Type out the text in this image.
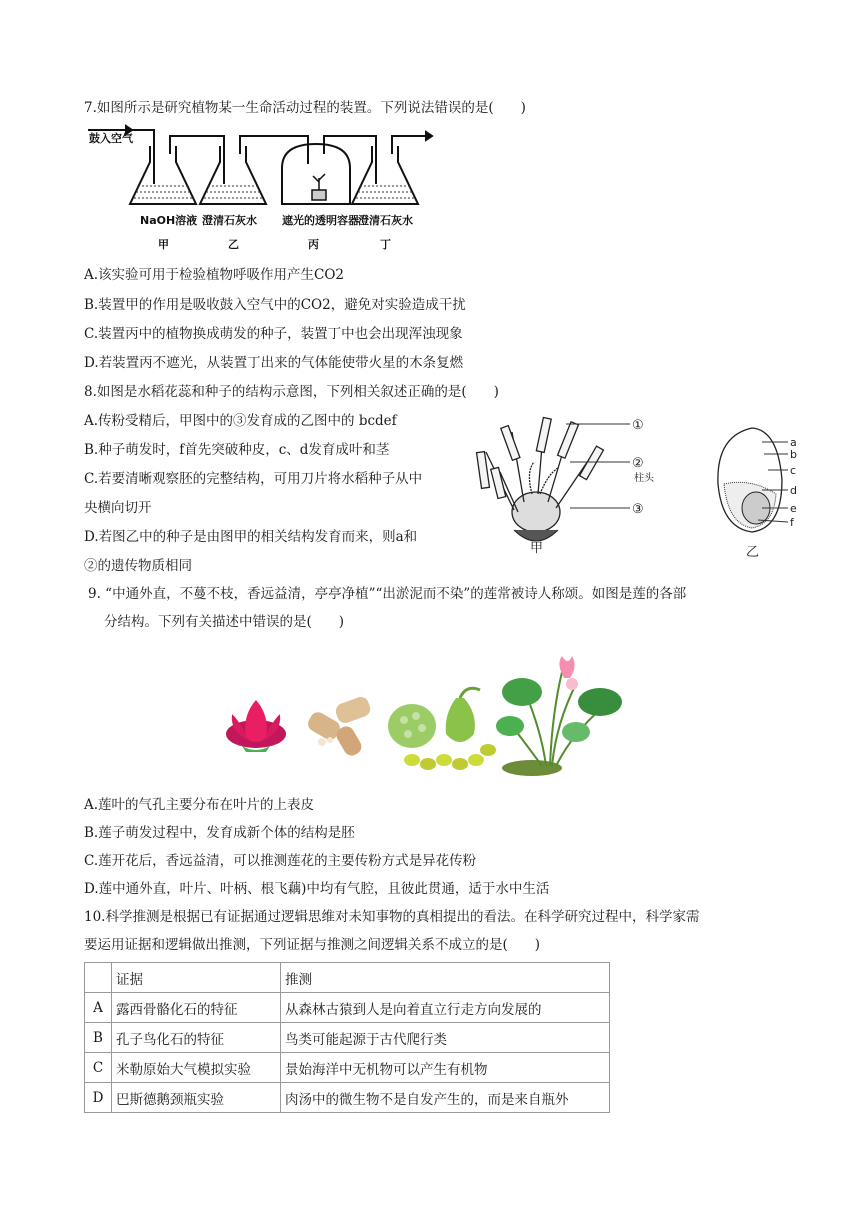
7.如图所示是研究植物某一生命活动过程的装置。下列说法错误的是(　　)
鼓入空气
NaOH溶液 澄清石灰水 遮光的透明容器 澄清石灰水
甲	乙	丙	丁
A.该实验可用于检验植物呼吸作用产生CO2
B.装置甲的作用是吸收鼓入空气中的CO2，避免对实验造成干扰
C.装置丙中的植物换成萌发的种子，装置丁中也会出现浑浊现象
D.若装置丙不遮光，从装置丁出来的气体能使带火星的木条复燃
8.如图是水稻花蕊和种子的结构示意图，下列相关叙述正确的是(　　)
A.传粉受精后，甲图中的③发育成的乙图中的 bcdef
B.种子萌发时，f首先突破种皮，c、d发育成叶和茎
C.若要清晰观察胚的完整结构，可用刀片将水稻种子从中
央横向切开
D.若图乙中的种子是由图甲的相关结构发育而来，则a和
②的遗传物质相同
①
②
柱头
③
甲
a
b
c
d
e
f
乙
9. “中通外直，不蔓不枝，香远益清，亭亭净植”“出淤泥而不染”的莲常被诗人称颂。如图是莲的各部
分结构。下列有关描述中错误的是(　　)
A.莲叶的气孔主要分布在叶片的上表皮
B.莲子萌发过程中，发育成新个体的结构是胚
C.莲开花后，香远益清，可以推测莲花的主要传粉方式是异花传粉
D.莲中通外直，叶片、叶柄、根飞藕)中均有气腔，且彼此贯通，适于水中生活
10.科学推测是根据已有证据通过逻辑思维对未知事物的真相提出的看法。在科学研究过程中，科学家需
要运用证据和逻辑做出推测，下列证据与推测之间逻辑关系不成立的是(　　)
	证据	推测
A	露西骨骼化石的特征	从森林古猿到人是向着直立行走方向发展的
B	孔子鸟化石的特征	鸟类可能起源于古代爬行类
C	米勒原始大气模拟实验	景始海洋中无机物可以产生有机物
D	巴斯德鹅颈瓶实验	肉汤中的微生物不是自发产生的，而是来自瓶外
